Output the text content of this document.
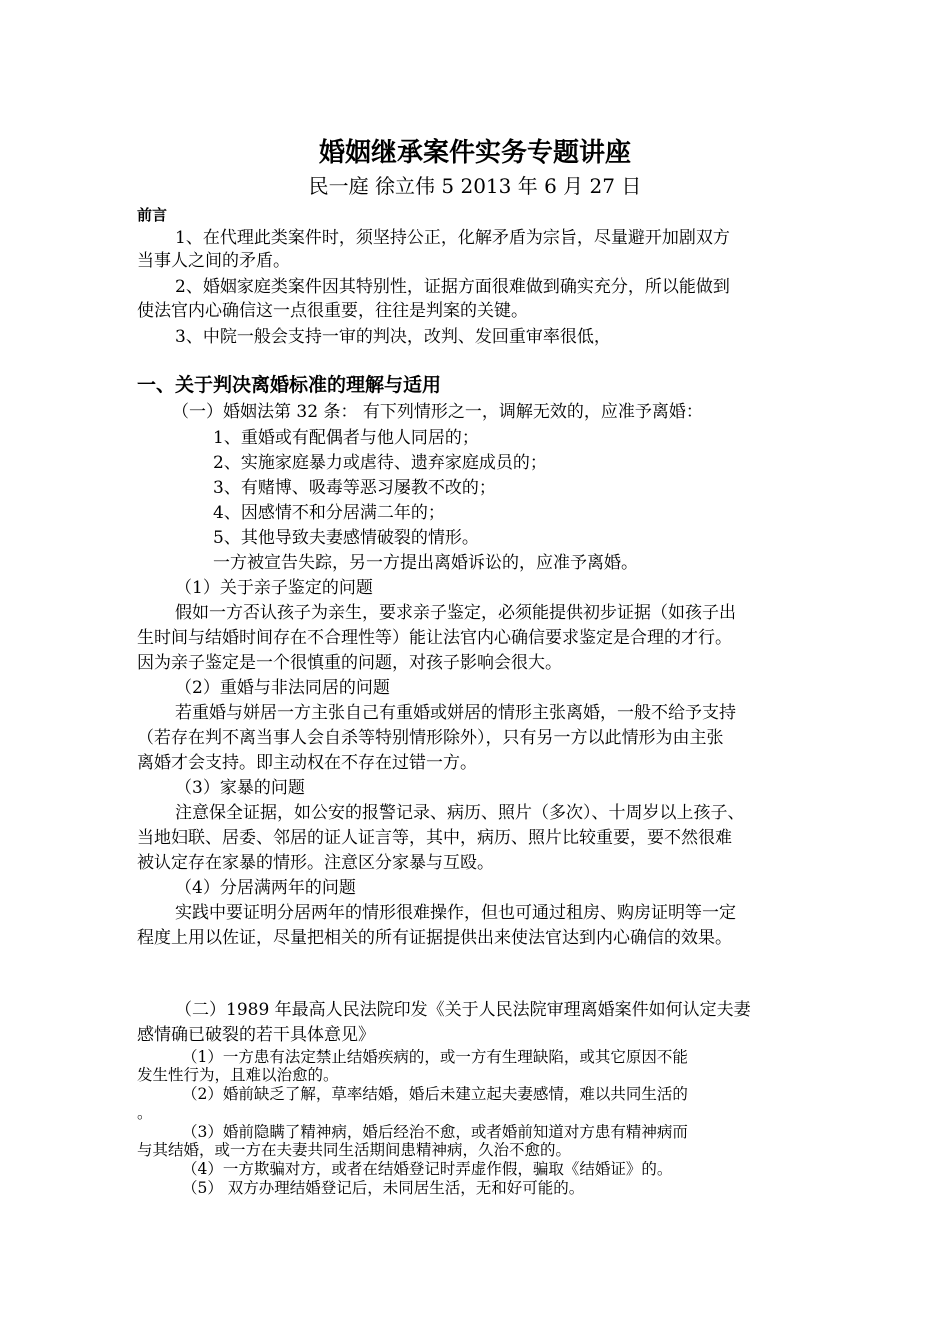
婚姻继承案件实务专题讲座
民一庭 徐立伟 5 2013 年 6 月 27 日
前言
1、在代理此类案件时，须坚持公正，化解矛盾为宗旨，尽量避开加剧双方
当事人之间的矛盾。
2、婚姻家庭类案件因其特别性，证据方面很难做到确实充分，所以能做到
使法官内心确信这一点很重要，往往是判案的关键。
3、中院一般会支持一审的判决，改判、发回重审率很低，
一、关于判决离婚标准的理解与适用
（一）婚姻法第 32 条： 有下列情形之一，调解无效的，应准予离婚：
1、重婚或有配偶者与他人同居的；
2、实施家庭暴力或虐待、遗弃家庭成员的；
3、有赌博、吸毒等恶习屡教不改的；
4、因感情不和分居满二年的；
5、其他导致夫妻感情破裂的情形。
一方被宣告失踪，另一方提出离婚诉讼的，应准予离婚。
（1）关于亲子鉴定的问题
假如一方否认孩子为亲生，要求亲子鉴定，必须能提供初步证据（如孩子出
生时间与结婚时间存在不合理性等）能让法官内心确信要求鉴定是合理的才行。
因为亲子鉴定是一个很慎重的问题，对孩子影响会很大。
（2）重婚与非法同居的问题
若重婚与姘居一方主张自己有重婚或姘居的情形主张离婚，一般不给予支持
（若存在判不离当事人会自杀等特别情形除外），只有另一方以此情形为由主张
离婚才会支持。即主动权在不存在过错一方。
（3）家暴的问题
注意保全证据，如公安的报警记录、病历、照片（多次）、十周岁以上孩子、
当地妇联、居委、邻居的证人证言等，其中，病历、照片比较重要，要不然很难
被认定存在家暴的情形。注意区分家暴与互殴。
（4）分居满两年的问题
实践中要证明分居两年的情形很难操作，但也可通过租房、购房证明等一定
程度上用以佐证，尽量把相关的所有证据提供出来使法官达到内心确信的效果。
（二）1989 年最高人民法院印发《关于人民法院审理离婚案件如何认定夫妻
感情确已破裂的若干具体意见》
（1）一方患有法定禁止结婚疾病的，或一方有生理缺陷，或其它原因不能
发生性行为，且难以治愈的。
（2）婚前缺乏了解，草率结婚，婚后未建立起夫妻感情，难以共同生活的
。
（3）婚前隐瞒了精神病，婚后经治不愈，或者婚前知道对方患有精神病而
与其结婚，或一方在夫妻共同生活期间患精神病，久治不愈的。
（4）一方欺骗对方，或者在结婚登记时弄虚作假，骗取《结婚证》的。
（5） 双方办理结婚登记后，未同居生活，无和好可能的。
